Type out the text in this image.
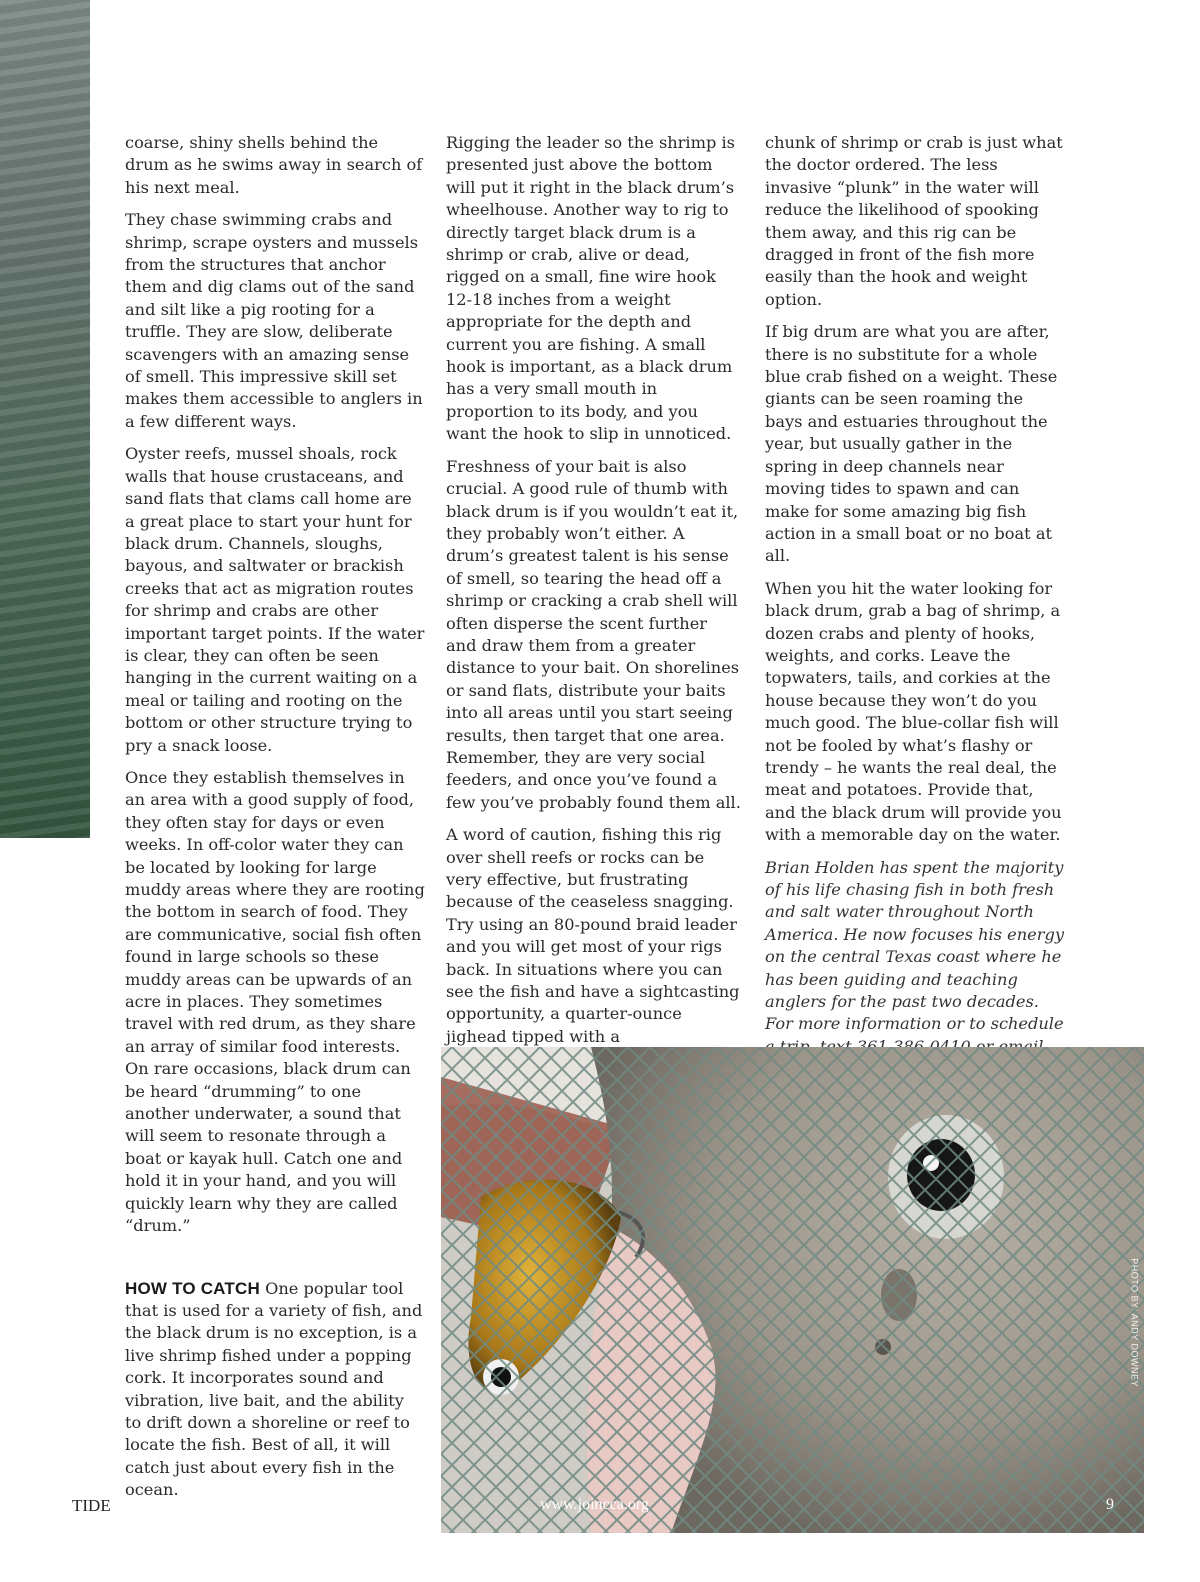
coarse, shiny shells behind the drum as he swims away in search of his next meal.

They chase swimming crabs and shrimp, scrape oysters and mussels from the structures that anchor them and dig clams out of the sand and silt like a pig rooting for a truffle. They are slow, deliberate scavengers with an amazing sense of smell. This impressive skill set makes them accessible to anglers in a few different ways.

Oyster reefs, mussel shoals, rock walls that house crustaceans, and sand flats that clams call home are a great place to start your hunt for black drum. Channels, sloughs, bayous, and saltwater or brackish creeks that act as migration routes for shrimp and crabs are other important target points. If the water is clear, they can often be seen hanging in the current waiting on a meal or tailing and rooting on the bottom or other structure trying to pry a snack loose.

Once they establish themselves in an area with a good supply of food, they often stay for days or even weeks. In off-color water they can be located by looking for large muddy areas where they are rooting the bottom in search of food. They are communicative, social fish often found in large schools so these muddy areas can be upwards of an acre in places. They sometimes travel with red drum, as they share an array of similar food interests. On rare occasions, black drum can be heard “drumming” to one another underwater, a sound that will seem to resonate through a boat or kayak hull. Catch one and hold it in your hand, and you will quickly learn why they are called “drum.”

HOW TO CATCH One popular tool that is used for a variety of fish, and the black drum is no exception, is a live shrimp fished under a popping cork. It incorporates sound and vibration, live bait, and the ability to drift down a shoreline or reef to locate the fish. Best of all, it will catch just about every fish in the ocean.

Rigging the leader so the shrimp is presented just above the bottom will put it right in the black drum’s wheelhouse. Another way to rig to directly target black drum is a shrimp or crab, alive or dead, rigged on a small, fine wire hook 12-18 inches from a weight appropriate for the depth and current you are fishing. A small hook is important, as a black drum has a very small mouth in proportion to its body, and you want the hook to slip in unnoticed.

Freshness of your bait is also crucial. A good rule of thumb with black drum is if you wouldn’t eat it, they probably won’t either. A drum’s greatest talent is his sense of smell, so tearing the head off a shrimp or cracking a crab shell will often disperse the scent further and draw them from a greater distance to your bait. On shorelines or sand flats, distribute your baits into all areas until you start seeing results, then target that one area. Remember, they are very social feeders, and once you’ve found a few you’ve probably found them all.

A word of caution, fishing this rig over shell reefs or rocks can be very effective, but frustrating because of the ceaseless snagging. Try using an 80-pound braid leader and you will get most of your rigs back. In situations where you can see the fish and have a sightcasting opportunity, a quarter-ounce jighead tipped with a

chunk of shrimp or crab is just what the doctor ordered. The less invasive “plunk” in the water will reduce the likelihood of spooking them away, and this rig can be dragged in front of the fish more easily than the hook and weight option.

If big drum are what you are after, there is no substitute for a whole blue crab fished on a weight. These giants can be seen roaming the bays and estuaries throughout the year, but usually gather in the spring in deep channels near moving tides to spawn and can make for some amazing big fish action in a small boat or no boat at all.

When you hit the water looking for black drum, grab a bag of shrimp, a dozen crabs and plenty of hooks, weights, and corks. Leave the topwaters, tails, and corkies at the house because they won’t do you much good. The blue-collar fish will not be fooled by what’s flashy or trendy – he wants the real deal, the meat and potatoes. Provide that, and the black drum will provide you with a memorable day on the water.

Brian Holden has spent the majority of his life chasing fish in both fresh and salt water throughout North America. He now focuses his energy on the central Texas coast where he has been guiding and teaching anglers for the past two decades. For more information or to schedule

PHOTO BY: ANDY DOWNEY
TIDE	www.joincca.org	9
